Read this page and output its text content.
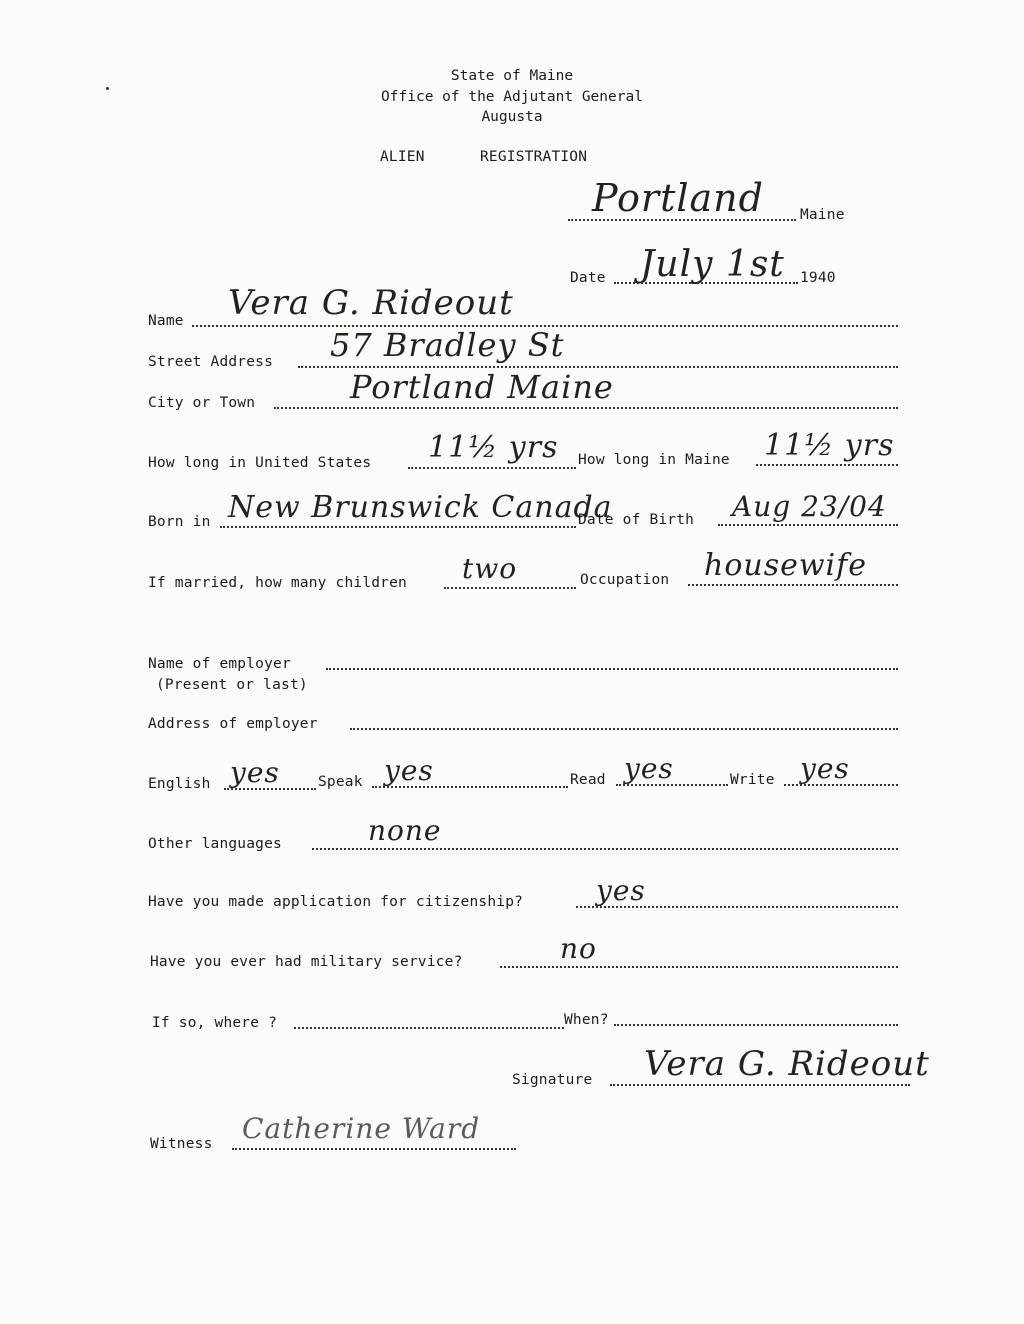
State of Maine
Office of the Adjutant General
Augusta
ALIEN	REGISTRATION
Portland Maine
Date July 1st 1940
Name Vera G. Rideout
Street Address 57 Bradley St
City or Town	Portland Maine
How long in United States 11½ yrs How long in Maine 11½ yrs
Born in New Brunswick Canada
Date of Birth Aug 23/04
If married, how many children two	Occupation housewife
Name of employer
(Present or last)
Address of employer
English yes	Speak yes	Read yes	Write yes
Other languages	none
Have you made application for citizenship?	yes
Have you ever had military service?	no
If so, where ?	When?
Signature Vera G. Rideout
Witness Catherine Ward
